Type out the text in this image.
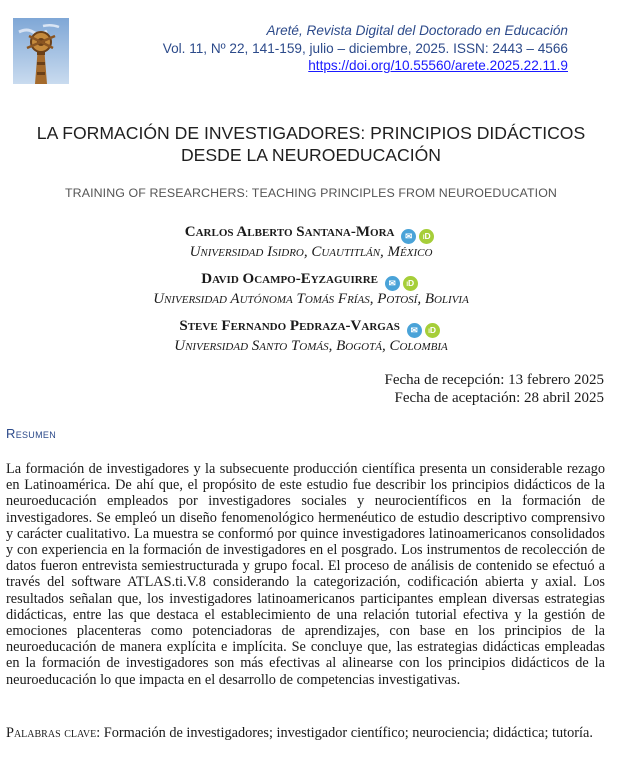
Areté, Revista Digital del Doctorado en Educación
Vol. 11, Nº 22, 141-159, julio – diciembre, 2025. ISSN: 2443 – 4566
https://doi.org/10.55560/arete.2025.22.11.9
LA FORMACIÓN DE INVESTIGADORES: PRINCIPIOS DIDÁCTICOS
DESDE LA NEUROEDUCACIÓN
TRAINING OF RESEARCHERS: TEACHING PRINCIPLES FROM NEUROEDUCATION
Carlos Alberto Santana-Mora ✉ iD
Universidad Isidro, Cuautitlán, México
David Ocampo-Eyzaguirre ✉ iD
Universidad Autónoma Tomás Frías, Potosí, Bolivia
Steve Fernando Pedraza-Vargas ✉ iD
Universidad Santo Tomás, Bogotá, Colombia
Fecha de recepción: 13 febrero 2025
Fecha de aceptación: 28 abril 2025
Resumen

La formación de investigadores y la subsecuente producción científica presenta un considerable rezago en Latinoamérica. De ahí que, el propósito de este estudio fue describir los principios didácticos de la neuroeducación empleados por investigadores sociales y neurocientíficos en la formación de investigadores. Se empleó un diseño fenomenológico hermenéutico de estudio descriptivo comprensivo y carácter cualitativo. La muestra se conformó por quince investigadores latinoamericanos consolidados y con experiencia en la formación de investigadores en el posgrado. Los instrumentos de recolección de datos fueron entrevista semiestructurada y grupo focal. El proceso de análisis de contenido se efectuó a través del software ATLAS.ti.V.8 considerando la categorización, codificación abierta y axial. Los resultados señalan que, los investigadores latinoamericanos participantes emplean diversas estrategias didácticas, entre las que destaca el establecimiento de una relación tutorial efectiva y la gestión de emociones placenteras como potenciadoras de aprendizajes, con base en los principios de la neuroeducación de manera explícita e implícita. Se concluye que, las estrategias didácticas empleadas en la formación de investigadores son más efectivas al alinearse con los principios didácticos de la neuroeducación lo que impacta en el desarrollo de competencias investigativas.

Palabras clave: Formación de investigadores; investigador científico; neurociencia; didáctica; tutoría.
